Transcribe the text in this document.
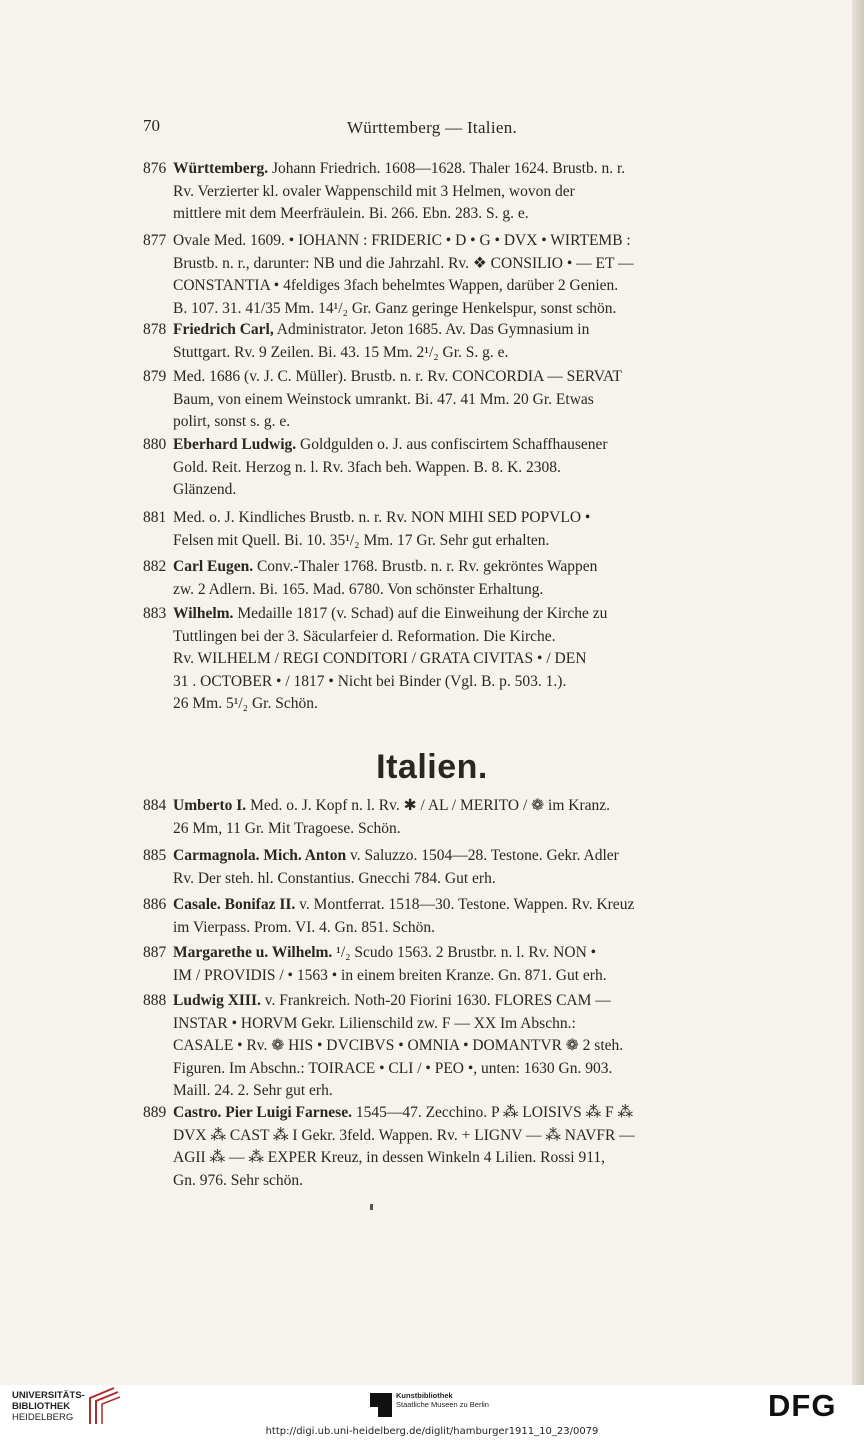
70	Württemberg — Italien.
876 Württemberg. Johann Friedrich. 1608—1628. Thaler 1624. Brustb. n. r.
Rv. Verzierter kl. ovaler Wappenschild mit 3 Helmen, wovon der
mittlere mit dem Meerfräulein. Bi. 266. Ebn. 283. S. g. e.
877 Ovale Med. 1609. • IOHANN : FRIDERIC • D • G • DVX • WIRTEMB :
Brustb. n. r., darunter: NB und die Jahrzahl. Rv. ❖ CONSILIO • — ET —
CONSTANTIA • 4feldiges 3fach behelmtes Wappen, darüber 2 Genien.
B. 107. 31. 41/35 Mm. 14¹/₂ Gr. Ganz geringe Henkelspur, sonst schön.
878 Friedrich Carl, Administrator. Jeton 1685. Av. Das Gymnasium in
Stuttgart. Rv. 9 Zeilen. Bi. 43. 15 Mm. 2¹/₂ Gr. S. g. e.
879 Med. 1686 (v. J. C. Müller). Brustb. n. r. Rv. CONCORDIA — SERVAT
Baum, von einem Weinstock umrankt. Bi. 47. 41 Mm. 20 Gr. Etwas
polirt, sonst s. g. e.
880 Eberhard Ludwig. Goldgulden o. J. aus confiscirtem Schaffhausener
Gold. Reit. Herzog n. l. Rv. 3fach beh. Wappen. B. 8. K. 2308.
Glänzend.
881 Med. o. J. Kindliches Brustb. n. r. Rv. NON MIHI SED POPVLO •
Felsen mit Quell. Bi. 10. 35¹/₂ Mm. 17 Gr. Sehr gut erhalten.
882 Carl Eugen. Conv.-Thaler 1768. Brustb. n. r. Rv. gekröntes Wappen
zw. 2 Adlern. Bi. 165. Mad. 6780. Von schönster Erhaltung.
883 Wilhelm. Medaille 1817 (v. Schad) auf die Einweihung der Kirche zu
Tuttlingen bei der 3. Säcularfeier d. Reformation. Die Kirche.
Rv. WILHELM / REGI CONDITORI / GRATA CIVITAS • / DEN
31 . OCTOBER • / 1817 • Nicht bei Binder (Vgl. B. p. 503. 1.).
26 Mm. 5¹/₂ Gr. Schön.
Italien.
884 Umberto I. Med. o. J. Kopf n. l. Rv. ✱ / AL / MERITO / ❁ im Kranz.
26 Mm, 11 Gr. Mit Tragoese. Schön.
885 Carmagnola. Mich. Anton v. Saluzzo. 1504—28. Testone. Gekr. Adler
Rv. Der steh. hl. Constantius. Gnecchi 784. Gut erh.
886 Casale. Bonifaz II. v. Montferrat. 1518—30. Testone. Wappen. Rv. Kreuz
im Vierpass. Prom. VI. 4. Gn. 851. Schön.
887 Margarethe u. Wilhelm. ¹/₂ Scudo 1563. 2 Brustbr. n. l. Rv. NON •
IM / PROVIDIS / • 1563 • in einem breiten Kranze. Gn. 871. Gut erh.
888 Ludwig XIII. v. Frankreich. Noth-20 Fiorini 1630. FLORES CAM —
INSTAR • HORVM Gekr. Lilienschild zw. F — XX Im Abschn.:
CASALE • Rv. ❁ HIS • DVCIBVS • OMNIA • DOMANTVR ❁ 2 steh.
Figuren. Im Abschn.: TOIRACE • CLI / • PEO •, unten: 1630 Gn. 903.
Maill. 24. 2. Sehr gut erh.
889 Castro. Pier Luigi Farnese. 1545—47. Zecchino. P ⁂ LOISIVS ⁂ F ⁂
DVX ⁂ CAST ⁂ I Gekr. 3feld. Wappen. Rv. + LIGNV — ⁂ NAVFR —
AGII ⁂ — ⁂ EXPER Kreuz, in dessen Winkeln 4 Lilien. Rossi 911,
Gn. 976. Sehr schön.
UNIVERSITÄTS-
BIBLIOTHEK
HEIDELBERG
Kunstbibliothek
Staatliche Museen zu Berlin	DFG
http://digi.ub.uni-heidelberg.de/diglit/hamburger1911_10_23/0079
